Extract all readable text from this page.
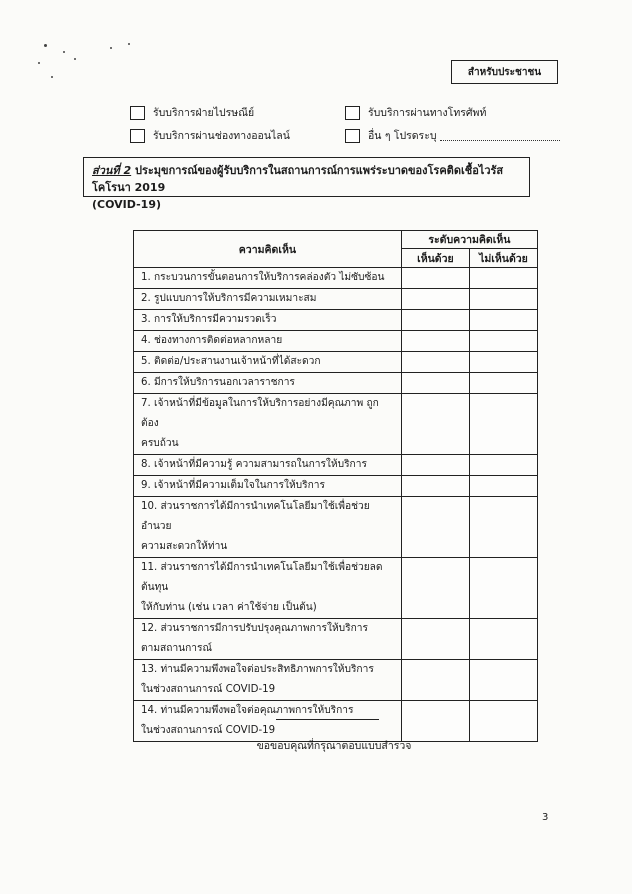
สำหรับประชาชน
รับบริการฝ่ายไปรษณีย์
รับบริการผ่านช่องทางออนไลน์
รับบริการผ่านทางโทรศัพท์
อื่น ๆ โปรดระบุ
ส่วนที่ 2 ประมุขการณ์ของผู้รับบริการในสถานการณ์การแพร่ระบาดของโรคติดเชื้อไวรัสโคโรนา 2019
(COVID-19)
ความคิดเห็น	ระดับความคิดเห็น	
	เห็นด้วย	ไม่เห็นด้วย

1. กระบวนการขั้นตอนการให้บริการคล่องตัว ไม่ซับซ้อน		

2. รูปแบบการให้บริการมีความเหมาะสม		

3. การให้บริการมีความรวดเร็ว		

4. ช่องทางการติดต่อหลากหลาย		

5. ติดต่อ/ประสานงานเจ้าหน้าที่ได้สะดวก		

6. มีการให้บริการนอกเวลาราชการ		

7. เจ้าหน้าที่มีข้อมูลในการให้บริการอย่างมีคุณภาพ ถูกต้อง
ครบถ้วน		

8. เจ้าหน้าที่มีความรู้ ความสามารถในการให้บริการ		

9. เจ้าหน้าที่มีความเต็มใจในการให้บริการ		

10. ส่วนราชการได้มีการนำเทคโนโลยีมาใช้เพื่อช่วยอำนวย
ความสะดวกให้ท่าน		

11. ส่วนราชการได้มีการนำเทคโนโลยีมาใช้เพื่อช่วยลดต้นทุน
ให้กับท่าน (เช่น เวลา ค่าใช้จ่าย เป็นต้น)		

12. ส่วนราชการมีการปรับปรุงคุณภาพการให้บริการ
ตามสถานการณ์		

13. ท่านมีความพึงพอใจต่อประสิทธิภาพการให้บริการ
ในช่วงสถานการณ์ COVID-19		

14. ท่านมีความพึงพอใจต่อคุณภาพการให้บริการ
ในช่วงสถานการณ์ COVID-19		

ขอขอบคุณที่กรุณาตอบแบบสำรวจ
3
